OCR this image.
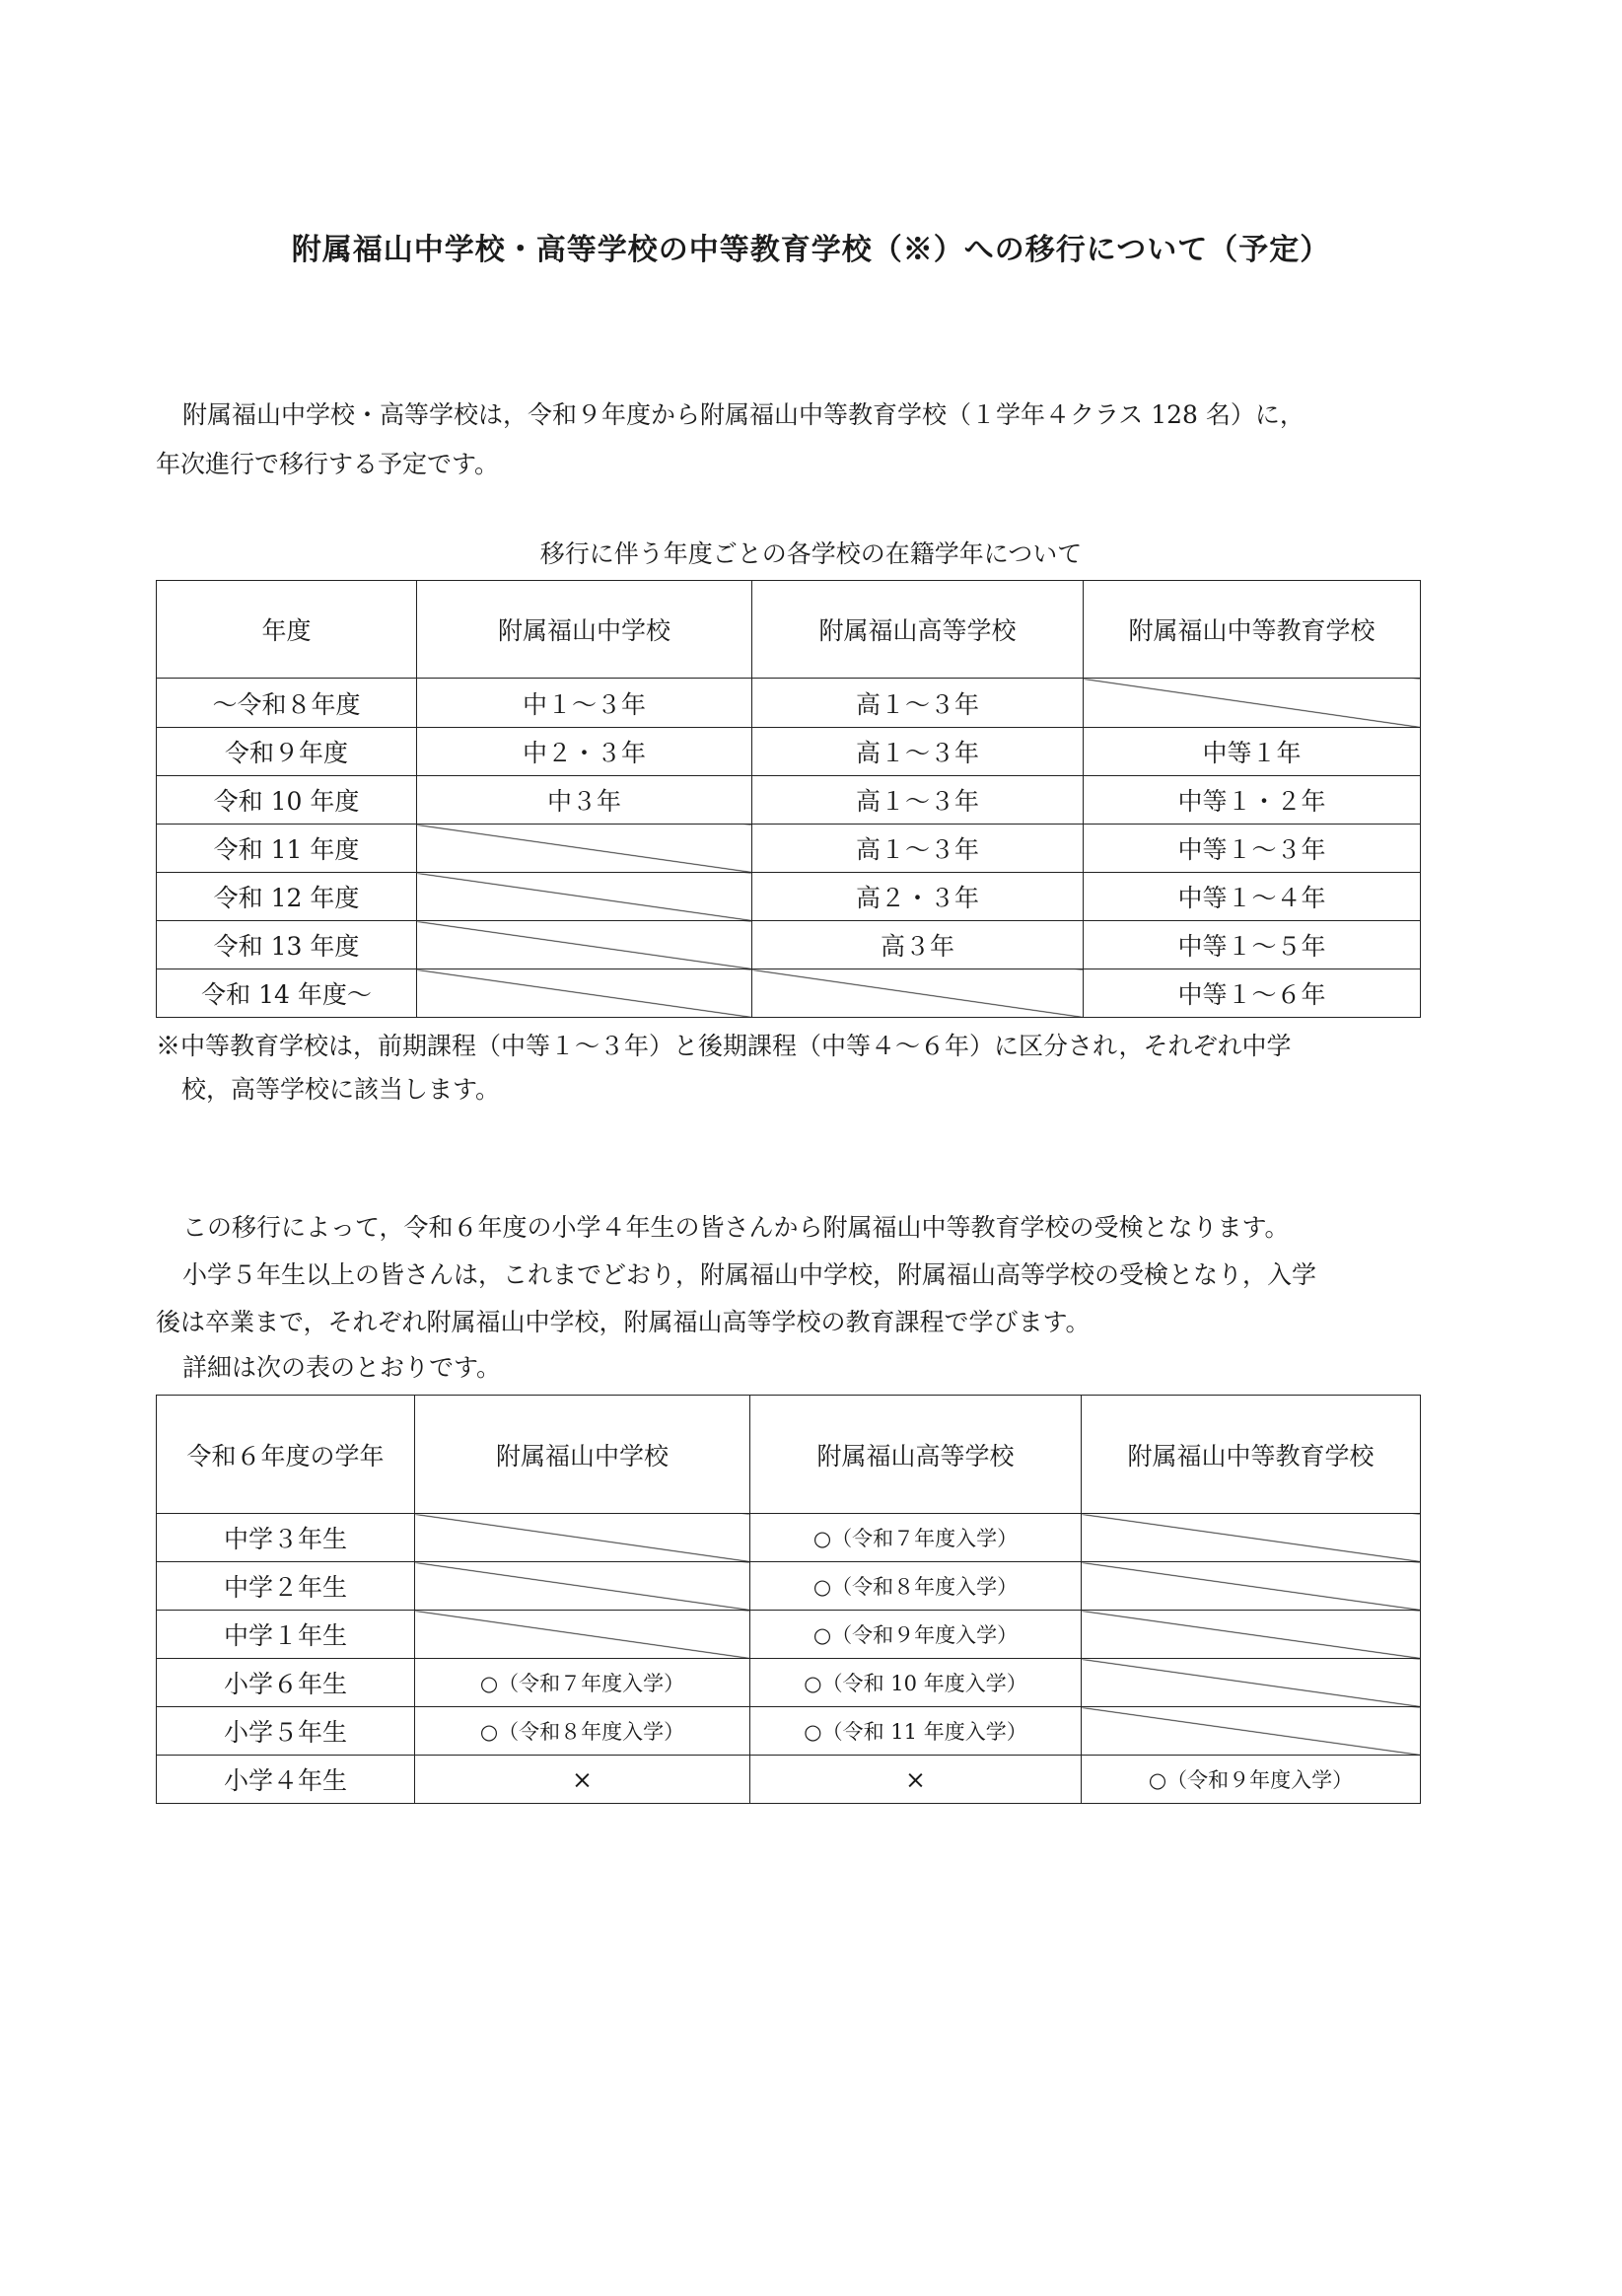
附属福山中学校・高等学校の中等教育学校（※）への移行について（予定）
附属福山中学校・高等学校は，令和９年度から附属福山中等教育学校（１学年４クラス 128 名）に，
年次進行で移行する予定です。
移行に伴う年度ごとの各学校の在籍学年について
年度	附属福山中学校	附属福山高等学校	附属福山中等教育学校
～令和８年度	中１～３年	高１～３年	
令和９年度	中２・３年	高１～３年	中等１年
令和 10 年度	中３年	高１～３年	中等１・２年
令和 11 年度		高１～３年	中等１～３年
令和 12 年度		高２・３年	中等１～４年
令和 13 年度		高３年	中等１～５年
令和 14 年度～			中等１～６年
※中等教育学校は，前期課程（中等１～３年）と後期課程（中等４～６年）に区分され，それぞれ中学
校，高等学校に該当します。
この移行によって，令和６年度の小学４年生の皆さんから附属福山中等教育学校の受検となります。
小学５年生以上の皆さんは，これまでどおり，附属福山中学校，附属福山高等学校の受検となり，入学
後は卒業まで，それぞれ附属福山中学校，附属福山高等学校の教育課程で学びます。
詳細は次の表のとおりです。
令和６年度の学年	附属福山中学校	附属福山高等学校	附属福山中等教育学校
中学３年生		○（令和７年度入学）	
中学２年生		○（令和８年度入学）	
中学１年生		○（令和９年度入学）	
小学６年生	○（令和７年度入学）	○（令和 10 年度入学）	
小学５年生	○（令和８年度入学）	○（令和 11 年度入学）	
小学４年生	×	×	○（令和９年度入学）
